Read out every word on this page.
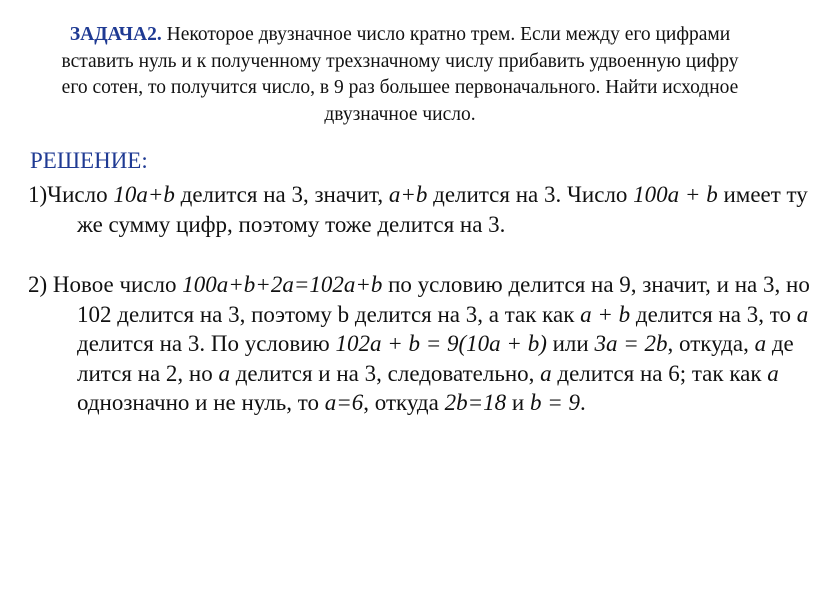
ЗАДАЧА2. Некоторое двузначное число кратно трем. Если между его цифрами вставить нуль и к полученному трехзначному числу прибавить удвоенную цифру его сотен, то получится число, в 9 раз большее первоначального. Найти исходное двузначное число.
РЕШЕНИЕ:
1)Число 10a+b делится на 3, значит, a+b делится на 3. Число 100a + b имеет ту же сумму цифр, поэтому тоже делится на 3.
2) Новое число 100a+b+2a=102a+b по условию делится на 9, значит, и на 3, но 102 делится на 3, поэтому b делится на 3, а так как a + b делится на 3, то a делится на 3. По условию 102a + b = 9(10a + b) или 3a = 2b, откуда, a де лится на 2, но a делится и на 3, следовательно, a делится на 6; так как a однозначно и не нуль, то a=6, откуда 2b=18 и b = 9.
